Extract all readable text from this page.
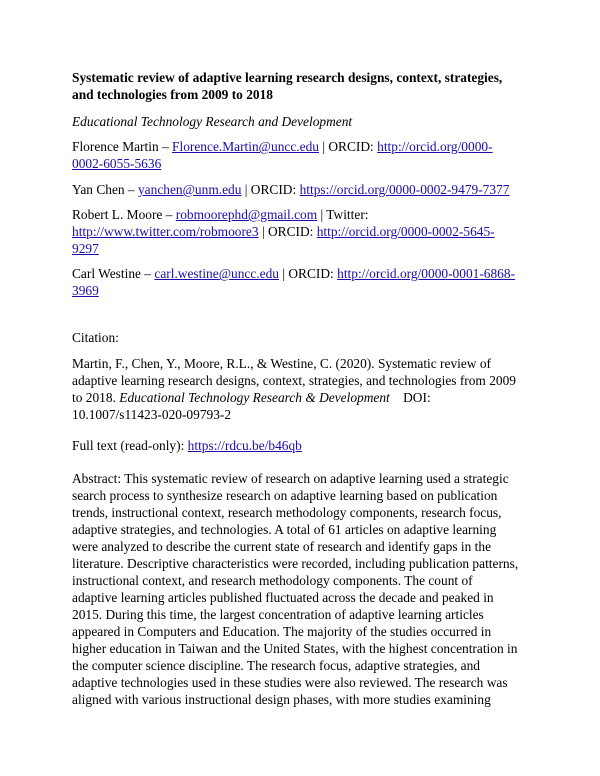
Systematic review of adaptive learning research designs, context, strategies,
and technologies from 2009 to 2018
Educational Technology Research and Development
Florence Martin – Florence.Martin@uncc.edu | ORCID: http://orcid.org/0000-
0002-6055-5636
Yan Chen – yanchen@unm.edu | ORCID: https://orcid.org/0000-0002-9479-7377
Robert L. Moore – robmoorephd@gmail.com | Twitter:
http://www.twitter.com/robmoore3 | ORCID: http://orcid.org/0000-0002-5645-
9297
Carl Westine – carl.westine@uncc.edu | ORCID: http://orcid.org/0000-0001-6868-
3969
Citation:
Martin, F., Chen, Y., Moore, R.L., & Westine, C. (2020). Systematic review of
adaptive learning research designs, context, strategies, and technologies from 2009
to 2018. Educational Technology Research & Development DOI:
10.1007/s11423-020-09793-2
Full text (read-only): https://rdcu.be/b46qb
Abstract: This systematic review of research on adaptive learning used a strategic
search process to synthesize research on adaptive learning based on publication
trends, instructional context, research methodology components, research focus,
adaptive strategies, and technologies. A total of 61 articles on adaptive learning
were analyzed to describe the current state of research and identify gaps in the
literature. Descriptive characteristics were recorded, including publication patterns,
instructional context, and research methodology components. The count of
adaptive learning articles published fluctuated across the decade and peaked in
2015. During this time, the largest concentration of adaptive learning articles
appeared in Computers and Education. The majority of the studies occurred in
higher education in Taiwan and the United States, with the highest concentration in
the computer science discipline. The research focus, adaptive strategies, and
adaptive technologies used in these studies were also reviewed. The research was
aligned with various instructional design phases, with more studies examining
